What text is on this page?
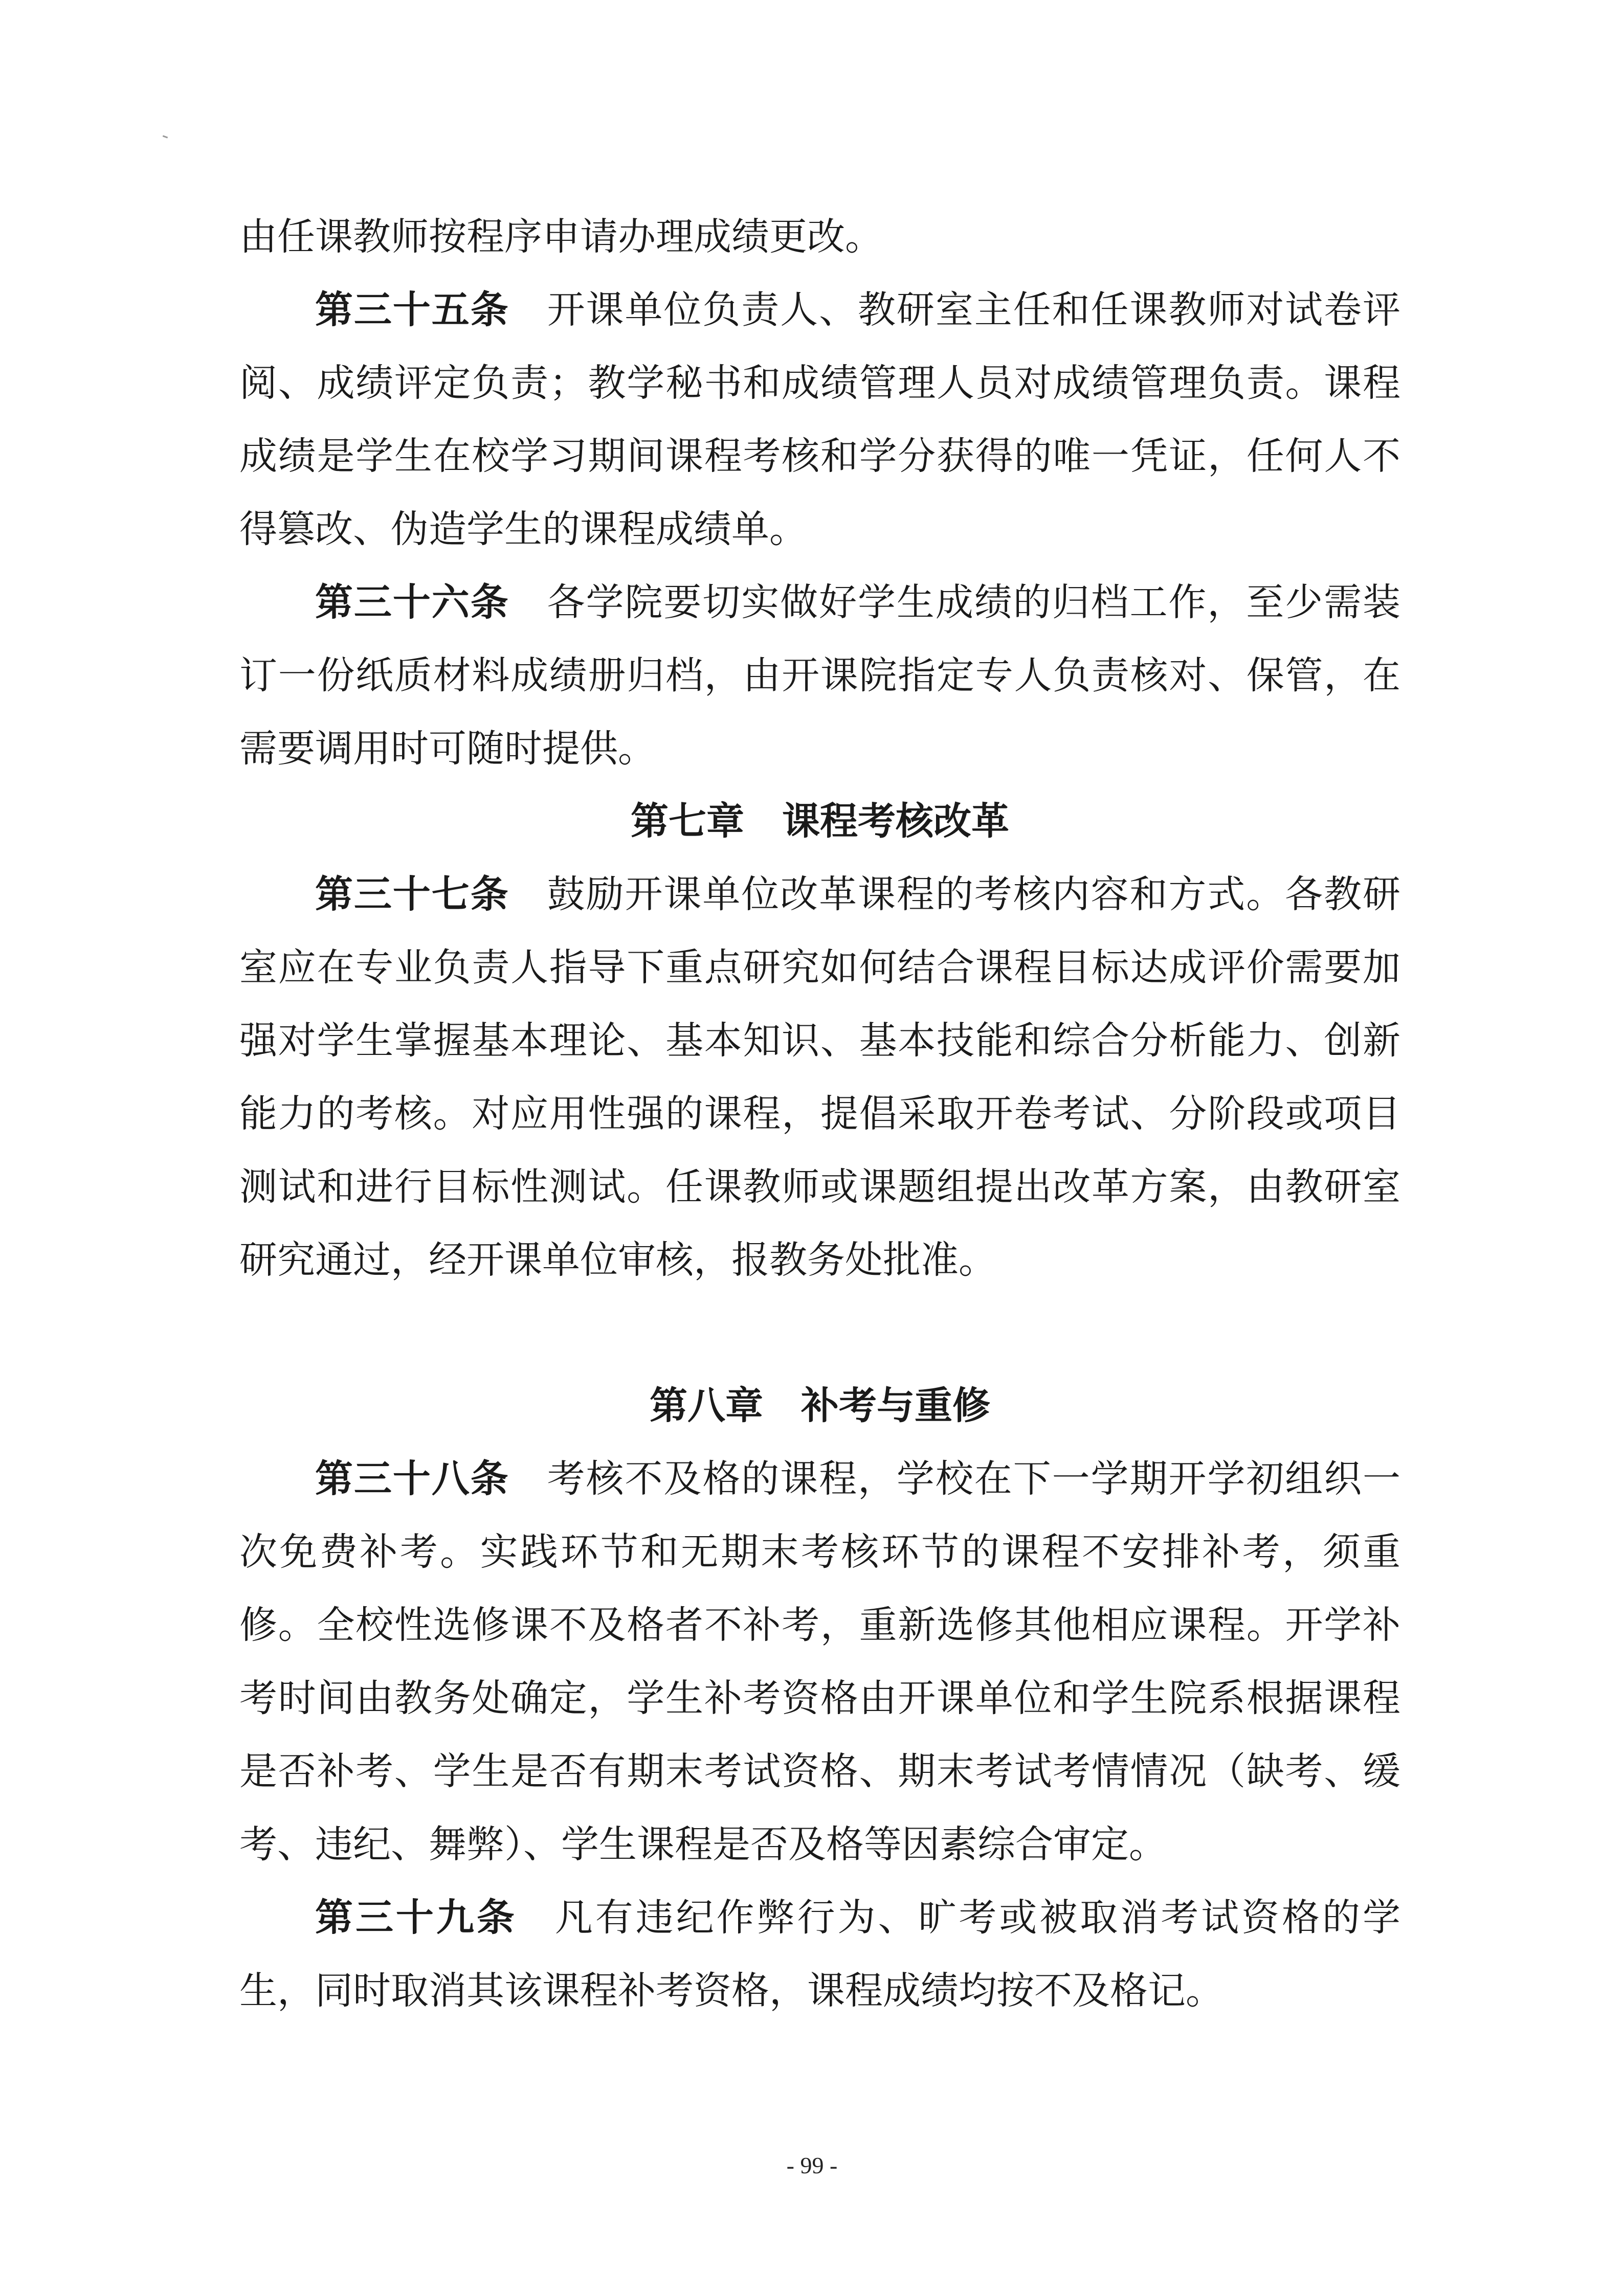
由任课教师按程序申请办理成绩更改。

第三十五条 开课单位负责人、教研室主任和任课教师对试卷评阅、成绩评定负责；教学秘书和成绩管理人员对成绩管理负责。课程成绩是学生在校学习期间课程考核和学分获得的唯一凭证，任何人不得篡改、伪造学生的课程成绩单。

第三十六条 各学院要切实做好学生成绩的归档工作，至少需装订一份纸质材料成绩册归档，由开课院指定专人负责核对、保管，在需要调用时可随时提供。

第七章 课程考核改革

第三十七条 鼓励开课单位改革课程的考核内容和方式。各教研室应在专业负责人指导下重点研究如何结合课程目标达成评价需要加强对学生掌握基本理论、基本知识、基本技能和综合分析能力、创新能力的考核。对应用性强的课程，提倡采取开卷考试、分阶段或项目测试和进行目标性测试。任课教师或课题组提出改革方案，由教研室研究通过，经开课单位审核，报教务处批准。

第八章 补考与重修

第三十八条 考核不及格的课程，学校在下一学期开学初组织一次免费补考。实践环节和无期末考核环节的课程不安排补考，须重修。全校性选修课不及格者不补考，重新选修其他相应课程。开学补考时间由教务处确定，学生补考资格由开课单位和学生院系根据课程是否补考、学生是否有期末考试资格、期末考试考情情况（缺考、缓考、违纪、舞弊）、学生课程是否及格等因素综合审定。

第三十九条 凡有违纪作弊行为、旷考或被取消考试资格的学生，同时取消其该课程补考资格，课程成绩均按不及格记。

- 99 -
